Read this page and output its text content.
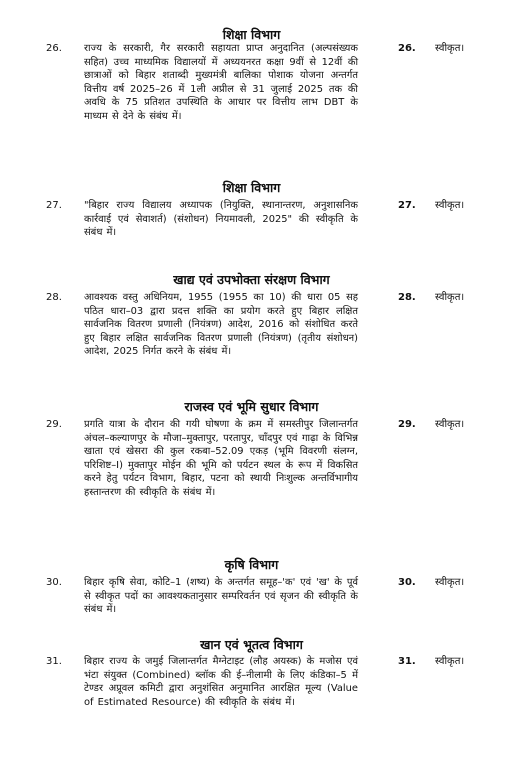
शिक्षा विभाग
26. राज्य के सरकारी, गैर सरकारी सहायता प्राप्त अनुदानित (अल्पसंख्यक सहित) उच्च माध्यमिक विद्यालयों में अध्ययनरत कक्षा 9वीं से 12वीं की छात्राओं को बिहार शताब्दी मुख्यमंत्री बालिका पोशाक योजना अन्तर्गत वित्तीय वर्ष 2025–26 में 1ली अप्रील से 31 जुलाई 2025 तक की अवधि के 75 प्रतिशत उपस्थिति के आधार पर वित्तीय लाभ DBT के माध्यम से देने के संबंध में।
26. स्वीकृत।
शिक्षा विभाग
27. "बिहार राज्य विद्यालय अध्यापक (नियुक्ति, स्थानान्तरण, अनुशासनिक कार्रवाई एवं सेवाशर्त) (संशोधन) नियमावली, 2025" की स्वीकृति के संबंध में।
27. स्वीकृत।
खाद्य एवं उपभोक्ता संरक्षण विभाग
28. आवश्यक वस्तु अधिनियम, 1955 (1955 का 10) की धारा 05 सह पठित धारा–03 द्वारा प्रदत्त शक्ति का प्रयोग करते हुए बिहार लक्षित सार्वजनिक वितरण प्रणाली (नियंत्रण) आदेश, 2016 को संशोधित करते हुए बिहार लक्षित सार्वजनिक वितरण प्रणाली (नियंत्रण) (तृतीय संशोधन) आदेश, 2025 निर्गत करने के संबंध में।
28. स्वीकृत।
राजस्व एवं भूमि सुधार विभाग
29. प्रगति यात्रा के दौरान की गयी घोषणा के क्रम में समस्तीपुर जिलान्तर्गत अंचल–कल्याणपुर के मौजा–मुक्तापुर, परतापुर, चाँदपुर एवं गाढ़ा के विभिन्न खाता एवं खेसरा की कुल रकबा–52.09 एकड़ (भूमि विवरणी संलग्न, परिशिष्ट–I) मुक्तापुर मोईन की भूमि को पर्यटन स्थल के रूप में विकसित करने हेतु पर्यटन विभाग, बिहार, पटना को स्थायी निःशुल्क अन्तर्विभागीय हस्तान्तरण की स्वीकृति के संबंध में।
29. स्वीकृत।
कृषि विभाग
30. बिहार कृषि सेवा, कोटि–1 (शष्य) के अन्तर्गत समूह–'क' एवं 'ख' के पूर्व से स्वीकृत पदों का आवश्यकतानुसार सम्परिवर्तन एवं सृजन की स्वीकृति के संबंध में।
30. स्वीकृत।
खान एवं भूतत्व विभाग
31. बिहार राज्य के जमुई जिलान्तर्गत मैग्नेटाइट (लौह अयस्क) के मजोस एवं भंटा संयुक्त (Combined) ब्लॉक की ई–नीलामी के लिए कंडिका–5 में टेण्डर अप्रूवल कमिटी द्वारा अनुशंसित अनुमानित आरक्षित मूल्य (Value of Estimated Resource) की स्वीकृति के संबंध में।
31. स्वीकृत।
